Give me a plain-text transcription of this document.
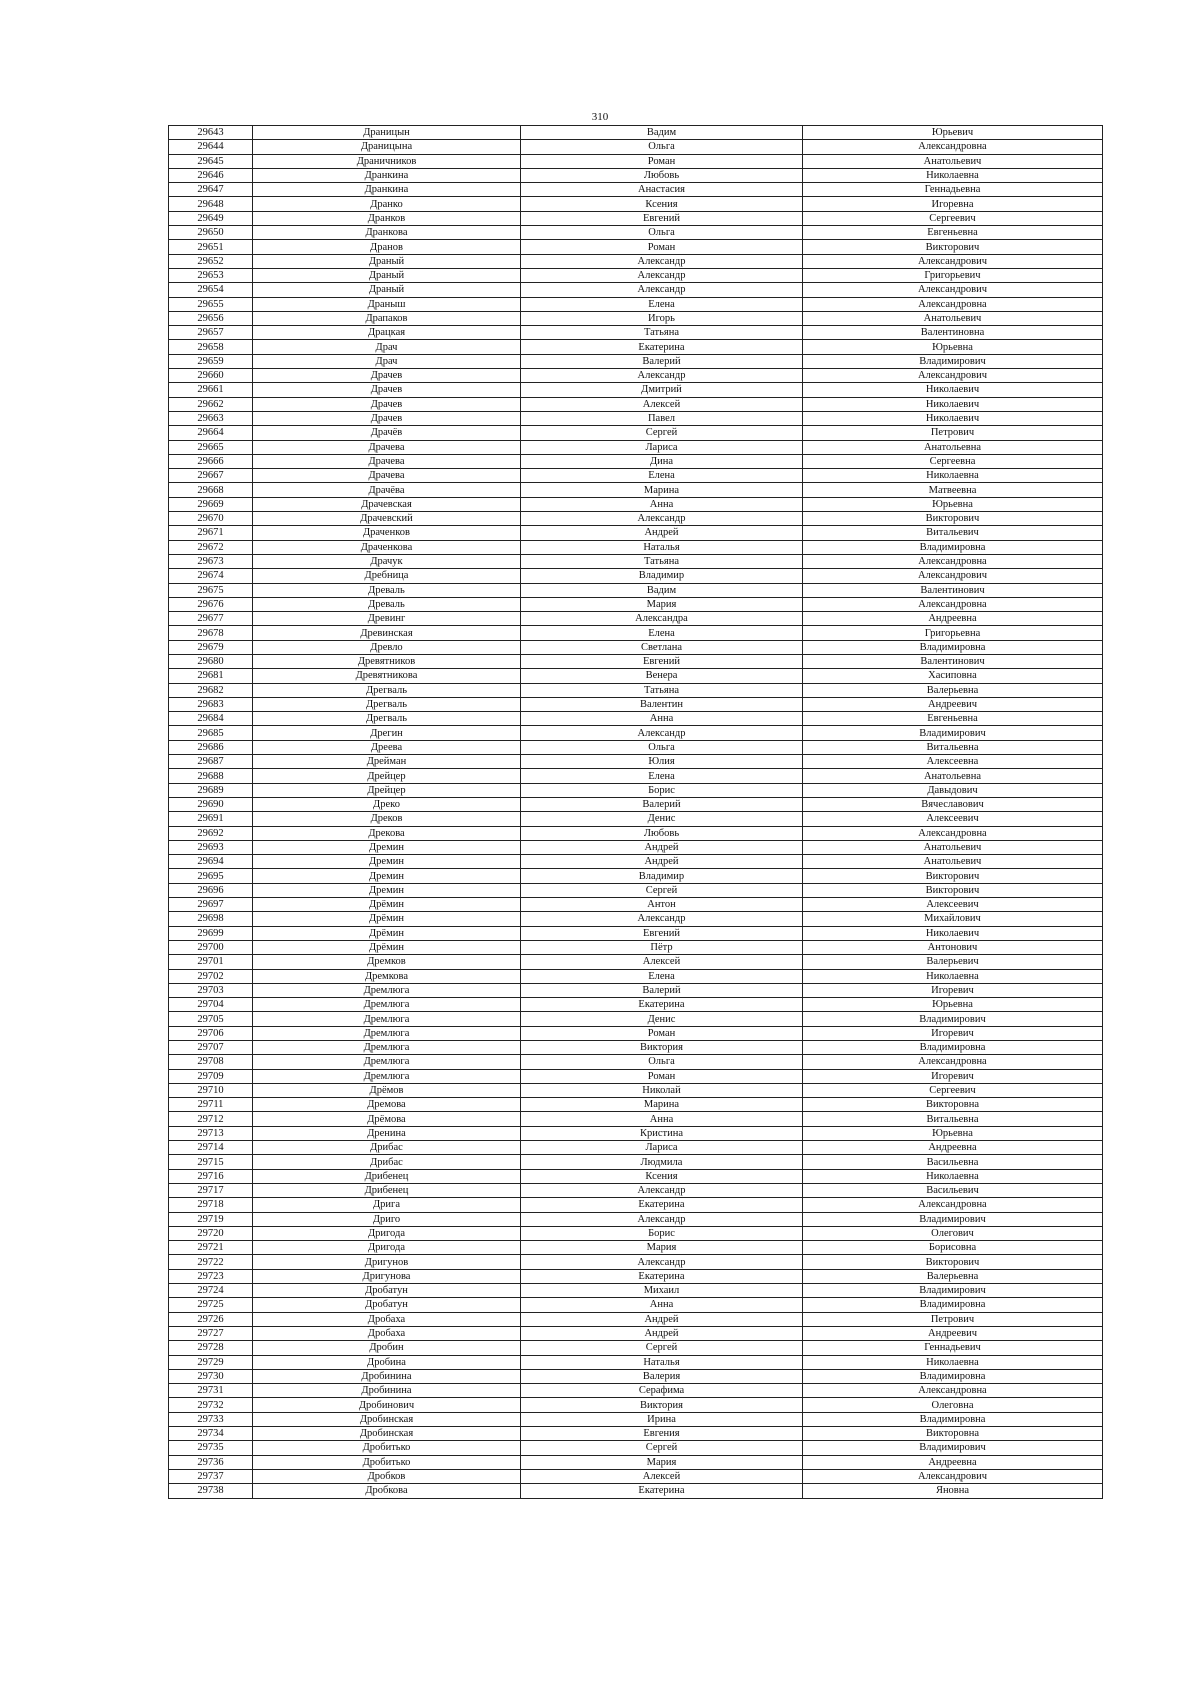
310
29643	Драницын	Вадим	Юрьевич
29644	Драницына	Ольга	Александровна
29645	Драничников	Роман	Анатольевич
29646	Дранкина	Любовь	Николаевна
29647	Дранкина	Анастасия	Геннадьевна
29648	Дранко	Ксения	Игоревна
29649	Дранков	Евгений	Сергеевич
29650	Дранкова	Ольга	Евгеньевна
29651	Дранов	Роман	Викторович
29652	Драный	Александр	Александрович
29653	Драный	Александр	Григорьевич
29654	Драный	Александр	Александрович
29655	Драныш	Елена	Александровна
29656	Драпаков	Игорь	Анатольевич
29657	Драцкая	Татьяна	Валентиновна
29658	Драч	Екатерина	Юрьевна
29659	Драч	Валерий	Владимирович
29660	Драчев	Александр	Александрович
29661	Драчев	Дмитрий	Николаевич
29662	Драчев	Алексей	Николаевич
29663	Драчев	Павел	Николаевич
29664	Драчёв	Сергей	Петрович
29665	Драчева	Лариса	Анатольевна
29666	Драчева	Дина	Сергеевна
29667	Драчева	Елена	Николаевна
29668	Драчёва	Марина	Матвеевна
29669	Драчевская	Анна	Юрьевна
29670	Драчевский	Александр	Викторович
29671	Драченков	Андрей	Витальевич
29672	Драченкова	Наталья	Владимировна
29673	Драчук	Татьяна	Александровна
29674	Дребница	Владимир	Александрович
29675	Древаль	Вадим	Валентинович
29676	Древаль	Мария	Александровна
29677	Древинг	Александра	Андреевна
29678	Древинская	Елена	Григорьевна
29679	Древло	Светлана	Владимировна
29680	Древятников	Евгений	Валентинович
29681	Древятникова	Венера	Хасиповна
29682	Дрегваль	Татьяна	Валерьевна
29683	Дрегваль	Валентин	Андреевич
29684	Дрегваль	Анна	Евгеньевна
29685	Дрегин	Александр	Владимирович
29686	Дреева	Ольга	Витальевна
29687	Дрейман	Юлия	Алексеевна
29688	Дрейцер	Елена	Анатольевна
29689	Дрейцер	Борис	Давыдович
29690	Дреко	Валерий	Вячеславович
29691	Дреков	Денис	Алексеевич
29692	Дрекова	Любовь	Александровна
29693	Дремин	Андрей	Анатольевич
29694	Дремин	Андрей	Анатольевич
29695	Дремин	Владимир	Викторович
29696	Дремин	Сергей	Викторович
29697	Дрёмин	Антон	Алексеевич
29698	Дрёмин	Александр	Михайлович
29699	Дрёмин	Евгений	Николаевич
29700	Дрёмин	Пётр	Антонович
29701	Дремков	Алексей	Валерьевич
29702	Дремкова	Елена	Николаевна
29703	Дремлюга	Валерий	Игоревич
29704	Дремлюга	Екатерина	Юрьевна
29705	Дремлюга	Денис	Владимирович
29706	Дремлюга	Роман	Игоревич
29707	Дремлюга	Виктория	Владимировна
29708	Дремлюга	Ольга	Александровна
29709	Дремлюга	Роман	Игоревич
29710	Дрёмов	Николай	Сергеевич
29711	Дремова	Марина	Викторовна
29712	Дрёмова	Анна	Витальевна
29713	Дренина	Кристина	Юрьевна
29714	Дрибас	Лариса	Андреевна
29715	Дрибас	Людмила	Васильевна
29716	Дрибенец	Ксения	Николаевна
29717	Дрибенец	Александр	Васильевич
29718	Дрига	Екатерина	Александровна
29719	Дриго	Александр	Владимирович
29720	Дригода	Борис	Олегович
29721	Дригода	Мария	Борисовна
29722	Дригунов	Александр	Викторович
29723	Дригунова	Екатерина	Валерьевна
29724	Дробатун	Михаил	Владимирович
29725	Дробатун	Анна	Владимировна
29726	Дробаха	Андрей	Петрович
29727	Дробаха	Андрей	Андреевич
29728	Дробин	Сергей	Геннадьевич
29729	Дробина	Наталья	Николаевна
29730	Дробинина	Валерия	Владимировна
29731	Дробинина	Серафима	Александровна
29732	Дробинович	Виктория	Олеговна
29733	Дробинская	Ирина	Владимировна
29734	Дробинская	Евгения	Викторовна
29735	Дробитько	Сергей	Владимирович
29736	Дробитько	Мария	Андреевна
29737	Дробков	Алексей	Александрович
29738	Дробкова	Екатерина	Яновна
